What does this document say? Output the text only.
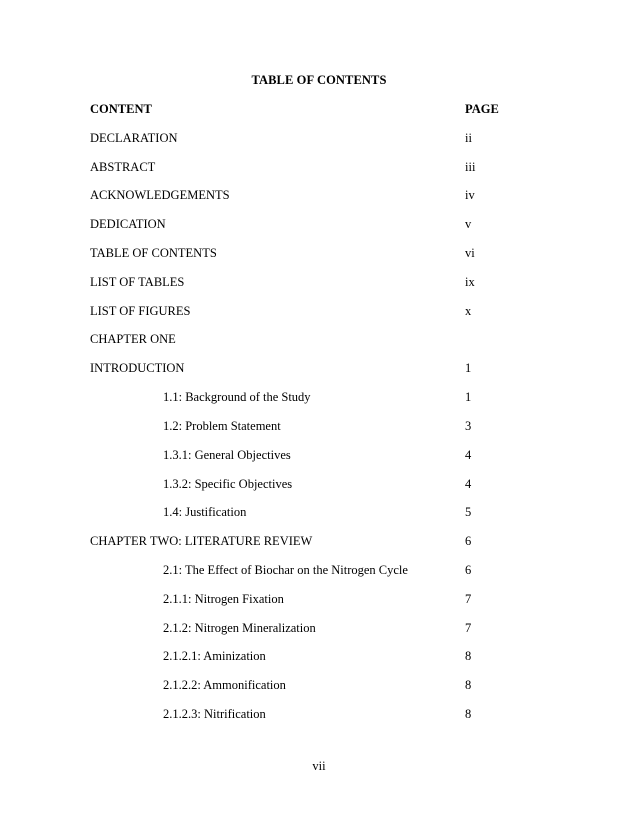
TABLE OF CONTENTS
CONTENT	PAGE
DECLARATION	ii
ABSTRACT	iii
ACKNOWLEDGEMENTS	iv
DEDICATION	v
TABLE OF CONTENTS	vi
LIST OF TABLES	ix
LIST OF FIGURES	x
CHAPTER ONE
INTRODUCTION	1
1.1: Background of the Study	1
1.2: Problem Statement	3
1.3.1: General Objectives	4
1.3.2: Specific Objectives	4
1.4: Justification	5
CHAPTER TWO: LITERATURE REVIEW	6
2.1: The Effect of Biochar on the Nitrogen Cycle	6
2.1.1: Nitrogen Fixation	7
2.1.2: Nitrogen Mineralization	7
2.1.2.1: Aminization	8
2.1.2.2: Ammonification	8
2.1.2.3: Nitrification	8
vii
